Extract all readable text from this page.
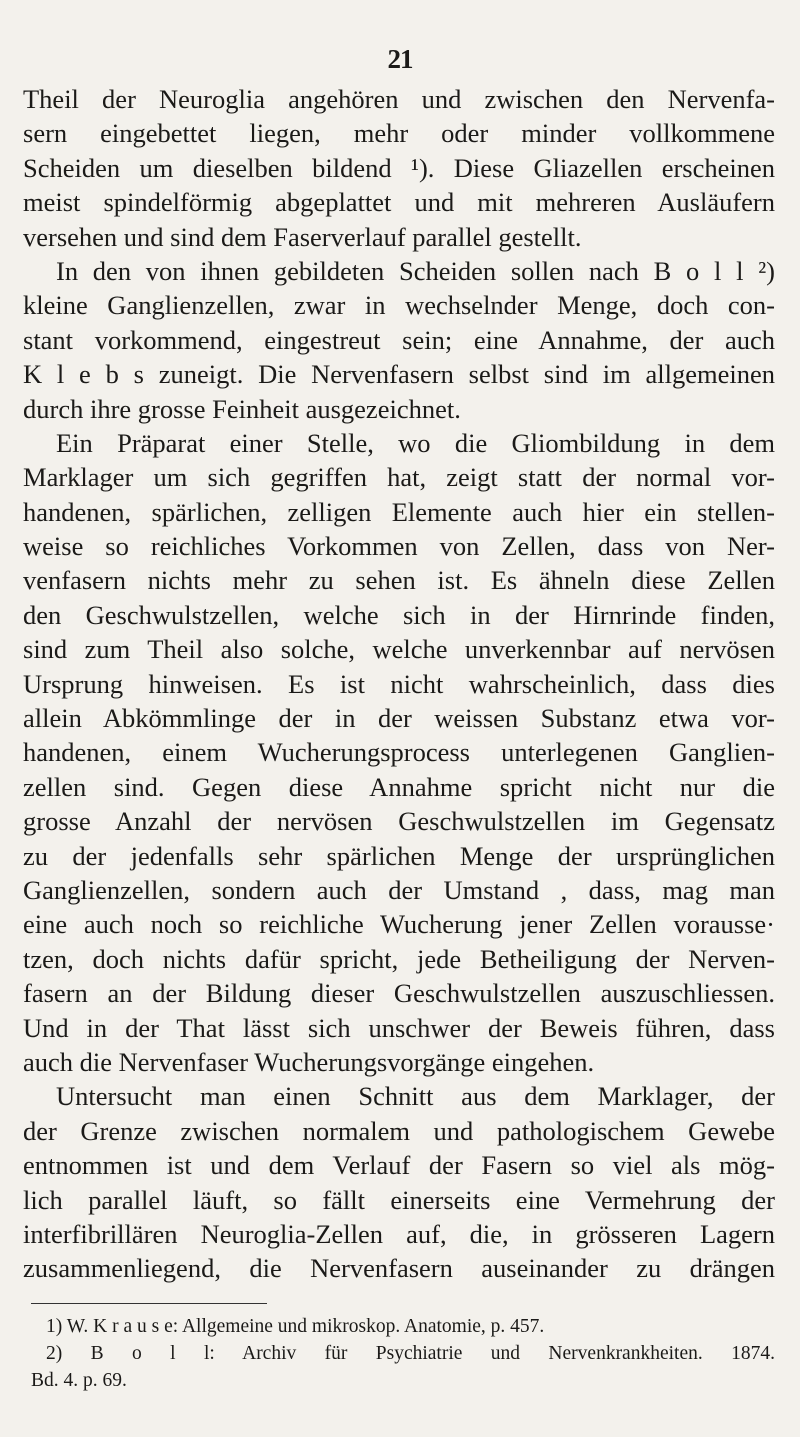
21
Theil der Neuroglia angehören und zwischen den Nervenfa-
sern eingebettet liegen, mehr oder minder vollkommene
Scheiden um dieselben bildend ¹). Diese Gliazellen erscheinen
meist spindelförmig abgeplattet und mit mehreren Ausläufern
versehen und sind dem Faserverlauf parallel gestellt.
In den von ihnen gebildeten Scheiden sollen nach B o l l ²)
kleine Ganglienzellen, zwar in wechselnder Menge, doch con-
stant vorkommend, eingestreut sein; eine Annahme, der auch
K l e b s zuneigt. Die Nervenfasern selbst sind im allgemeinen
durch ihre grosse Feinheit ausgezeichnet.
Ein Präparat einer Stelle, wo die Gliombildung in dem
Marklager um sich gegriffen hat, zeigt statt der normal vor-
handenen, spärlichen, zelligen Elemente auch hier ein stellen-
weise so reichliches Vorkommen von Zellen, dass von Ner-
venfasern nichts mehr zu sehen ist. Es ähneln diese Zellen
den Geschwulstzellen, welche sich in der Hirnrinde finden,
sind zum Theil also solche, welche unverkennbar auf nervösen
Ursprung hinweisen. Es ist nicht wahrscheinlich, dass dies
allein Abkömmlinge der in der weissen Substanz etwa vor-
handenen, einem Wucherungsprocess unterlegenen Ganglien-
zellen sind. Gegen diese Annahme spricht nicht nur die
grosse Anzahl der nervösen Geschwulstzellen im Gegensatz
zu der jedenfalls sehr spärlichen Menge der ursprünglichen
Ganglienzellen, sondern auch der Umstand , dass, mag man
eine auch noch so reichliche Wucherung jener Zellen vorausse·
tzen, doch nichts dafür spricht, jede Betheiligung der Nerven-
fasern an der Bildung dieser Geschwulstzellen auszuschliessen.
Und in der That lässt sich unschwer der Beweis führen, dass
auch die Nervenfaser Wucherungsvorgänge eingehen.
Untersucht man einen Schnitt aus dem Marklager, der
der Grenze zwischen normalem und pathologischem Gewebe
entnommen ist und dem Verlauf der Fasern so viel als mög-
lich parallel läuft, so fällt einerseits eine Vermehrung der
interfibrillären Neuroglia-Zellen auf, die, in grösseren Lagern
zusammenliegend, die Nervenfasern auseinander zu drängen
1) W. K r a u s e: Allgemeine und mikroskop. Anatomie, p. 457.
2) B o l l: Archiv für Psychiatrie und Nervenkrankheiten. 1874.
Bd. 4. p. 69.
